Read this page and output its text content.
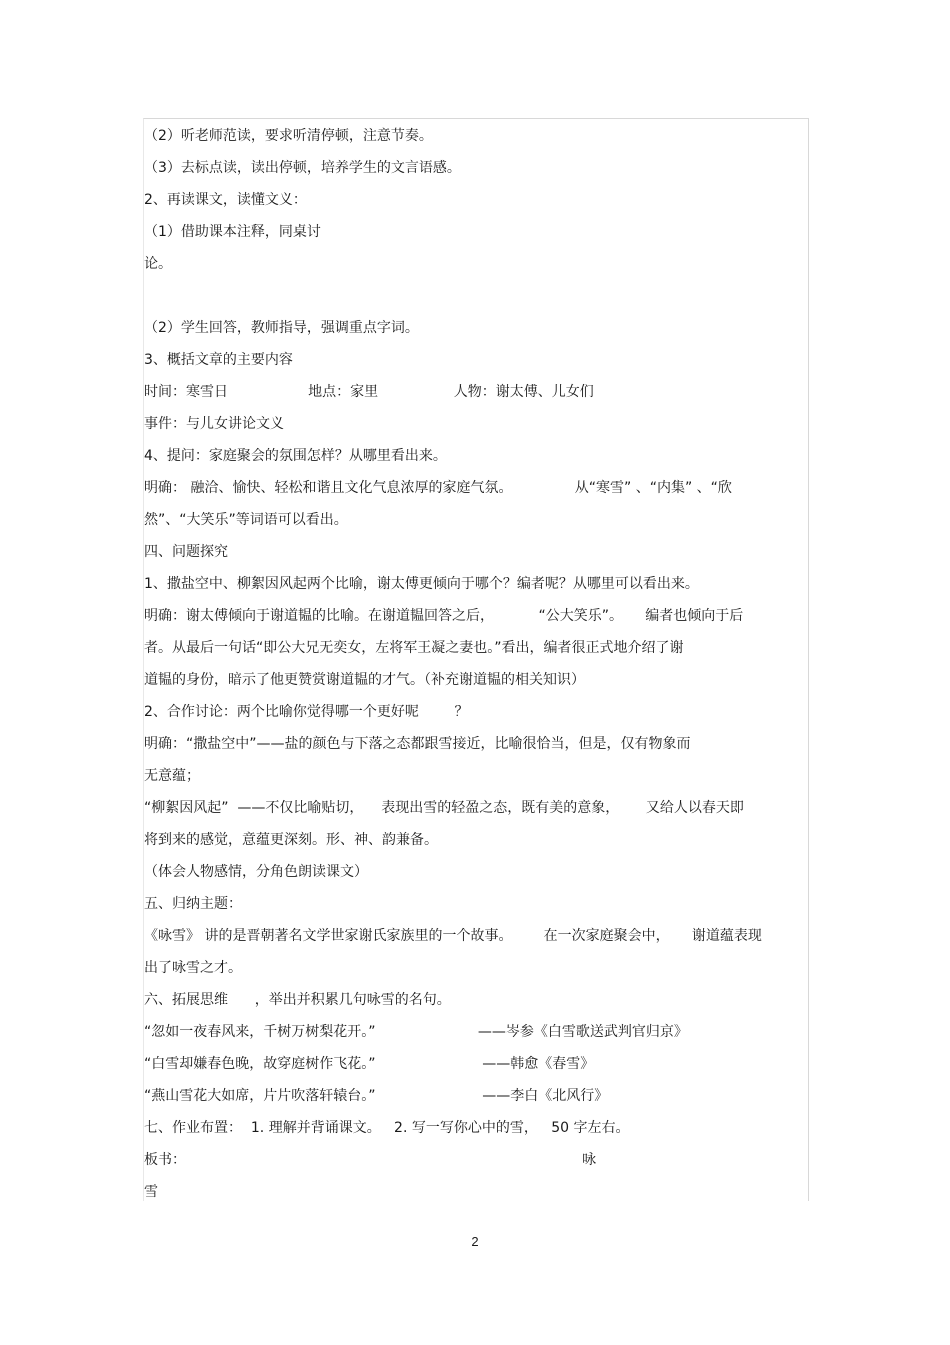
（2）听老师范读，要求听清停顿，注意节奏。

（3）去标点读，读出停顿，培养学生的文言语感。

2、再读课文，读懂文义：

（1）借助课本注释，同桌讨

论。

（2）学生回答，教师指导，强调重点字词。

3、概括文章的主要内容

时间：寒雪日                  地点：家里                 人物：谢太傅、儿女们

事件：与儿女讲论文义

4、提问：家庭聚会的氛围怎样？从哪里看出来。

明确： 融洽、愉快、轻松和谐且文化气息浓厚的家庭气氛。              从“寒雪” 、“内集” 、“欣

然”、“大笑乐”等词语可以看出。

四、问题探究

1、撒盐空中、柳絮因风起两个比喻，谢太傅更倾向于哪个？编者呢？从哪里可以看出来。

明确：谢太傅倾向于谢道韫的比喻。在谢道韫回答之后，          “公大笑乐”。     编者也倾向于后

者。从最后一句话“即公大兄无奕女，左将军王凝之妻也。”看出，编者很正式地介绍了谢

道韫的身份，暗示了他更赞赏谢道韫的才气。（补充谢道韫的相关知识）

2、合作讨论：两个比喻你觉得哪一个更好呢        ？

明确：“撒盐空中”——盐的颜色与下落之态都跟雪接近，比喻很恰当，但是，仅有物象而

无意蕴；

“柳絮因风起”  ——不仅比喻贴切，    表现出雪的轻盈之态，既有美的意象，      又给人以春天即

将到来的感觉，意蕴更深刻。形、神、韵兼备。

（体会人物感情，分角色朗读课文）

五、归纳主题：

《咏雪》 讲的是晋朝著名文学世家谢氏家族里的一个故事。       在一次家庭聚会中，     谢道蕴表现

出了咏雪之才。

六、拓展思维      ，举出并积累几句咏雪的名句。

“忽如一夜春风来，千树万树梨花开。”                       ——岑参《白雪歌送武判官归京》

“白雪却嫌春色晚，故穿庭树作飞花。”                        ——韩愈《春雪》

“燕山雪花大如席，片片吹落轩辕台。”                        ——李白《北风行》

七、作业布置：  1. 理解并背诵课文。   2. 写一写你心中的雪，   50 字左右。

板书：                                                                                         咏

雪

2
